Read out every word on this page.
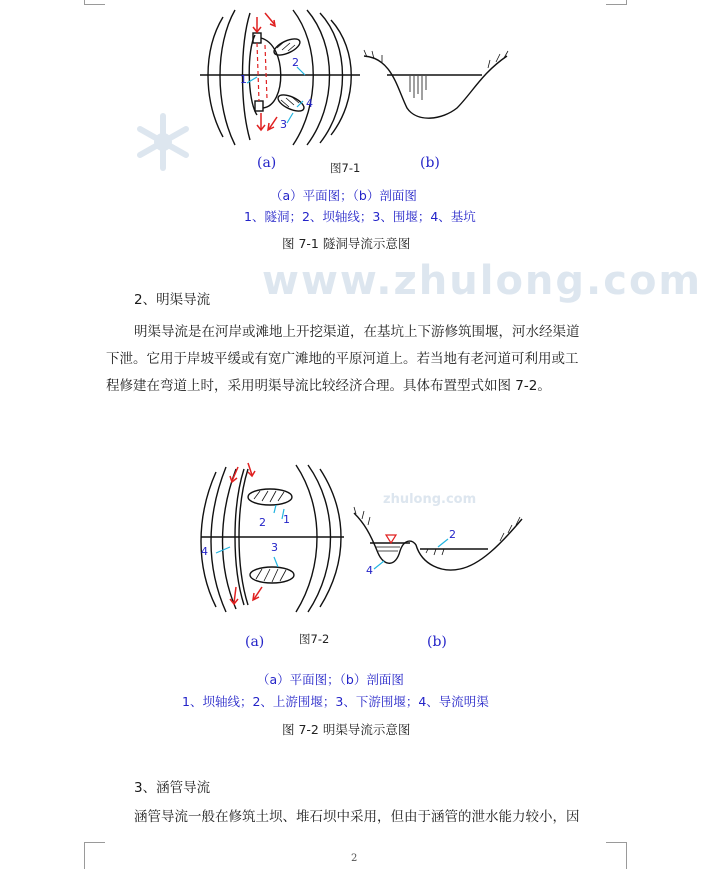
www.zhulong.com
zhulong.com
1
2
3
4
(a)	图7-1	(b)
（a）平面图；（b）剖面图
1、隧洞；2、坝轴线；3、围堰；4、基坑
图 7-1 隧洞导流示意图
2、明渠导流
明渠导流是在河岸或滩地上开挖渠道，在基坑上下游修筑围堰，河水经渠道
下泄。它用于岸坡平缓或有宽广滩地的平原河道上。若当地有老河道可利用或工
程修建在弯道上时，采用明渠导流比较经济合理。具体布置型式如图 7-2。
1
2
3
4
2
4
(a)	图7-2	(b)
（a）平面图；（b）剖面图
1、坝轴线；2、上游围堰；3、下游围堰；4、导流明渠
图 7-2 明渠导流示意图
3、涵管导流
涵管导流一般在修筑土坝、堆石坝中采用，但由于涵管的泄水能力较小，因
2
